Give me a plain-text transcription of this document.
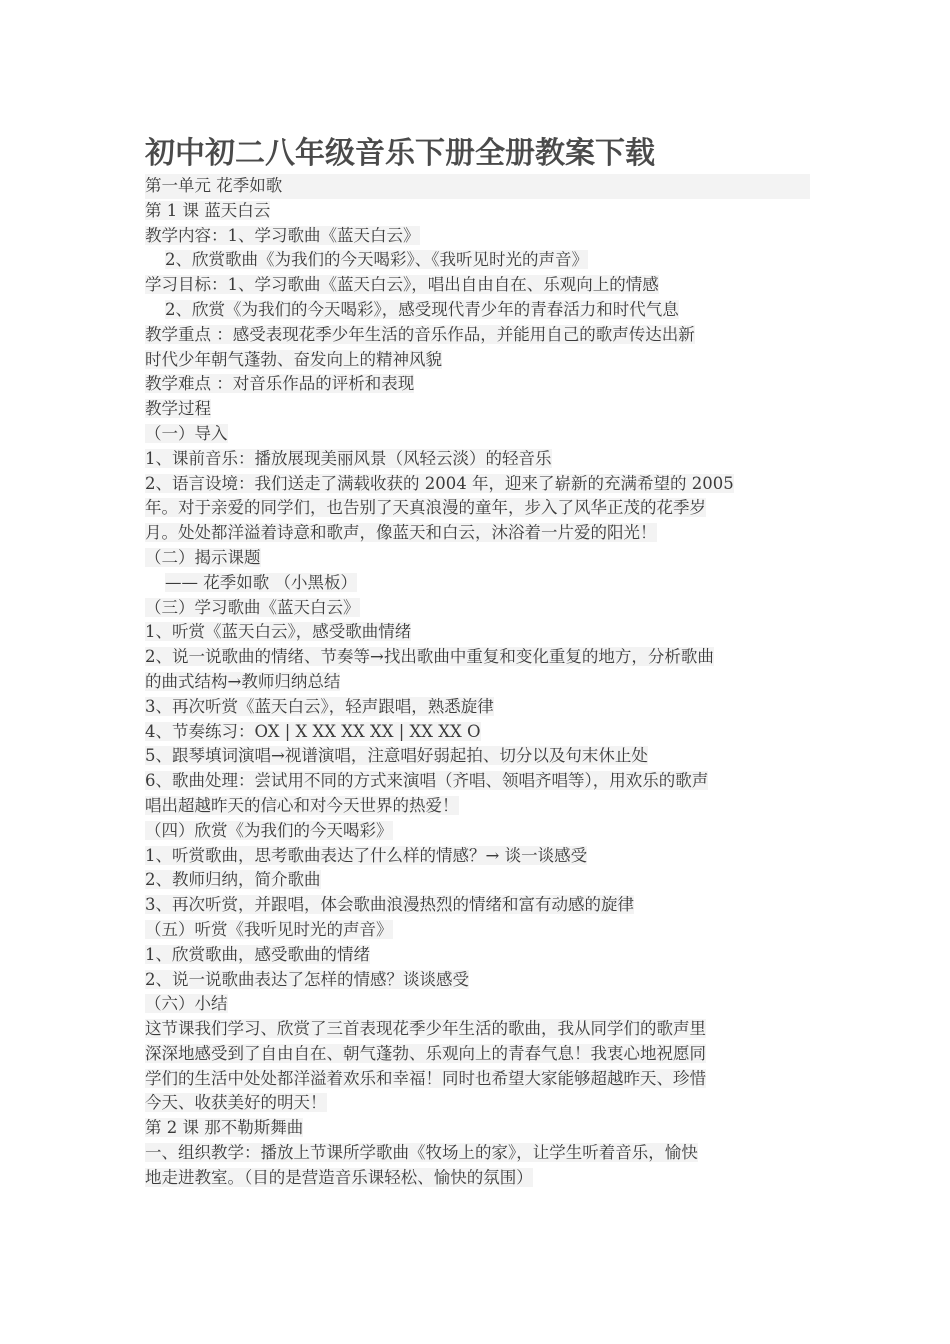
初中初二八年级音乐下册全册教案下载
第一单元 花季如歌
第 1 课 蓝天白云
教学内容：1、学习歌曲《蓝天白云》
2、欣赏歌曲《为我们的今天喝彩》、《我听见时光的声音》
学习目标：1、学习歌曲《蓝天白云》，唱出自由自在、乐观向上的情感
2、欣赏《为我们的今天喝彩》，感受现代青少年的青春活力和时代气息
教学重点 ：感受表现花季少年生活的音乐作品，并能用自己的歌声传达出新
时代少年朝气蓬勃、奋发向上的精神风貌
教学难点 ：对音乐作品的评析和表现
教学过程
（一）导入
1、课前音乐：播放展现美丽风景（风轻云淡）的轻音乐
2、语言设境：我们送走了满载收获的 2004 年，迎来了崭新的充满希望的 2005
年。对于亲爱的同学们，也告别了天真浪漫的童年，步入了风华正茂的花季岁
月。处处都洋溢着诗意和歌声，像蓝天和白云，沐浴着一片爱的阳光！
（二）揭示课题
—— 花季如歌 （小黑板）
（三）学习歌曲《蓝天白云》
1、听赏《蓝天白云》，感受歌曲情绪
2、说一说歌曲的情绪、节奏等→找出歌曲中重复和变化重复的地方，分析歌曲
的曲式结构→教师归纳总结
3、再次听赏《蓝天白云》，轻声跟唱，熟悉旋律
4、节奏练习：OX | X XX XX XX | XX XX O
5、跟琴填词演唱→视谱演唱，注意唱好弱起拍、切分以及句末休止处
6、歌曲处理：尝试用不同的方式来演唱（齐唱、领唱齐唱等），用欢乐的歌声
唱出超越昨天的信心和对今天世界的热爱！
（四）欣赏《为我们的今天喝彩》
1、听赏歌曲，思考歌曲表达了什么样的情感？→ 谈一谈感受
2、教师归纳，简介歌曲
3、再次听赏，并跟唱，体会歌曲浪漫热烈的情绪和富有动感的旋律
（五）听赏《我听见时光的声音》
1、欣赏歌曲，感受歌曲的情绪
2、说一说歌曲表达了怎样的情感？谈谈感受
（六）小结
这节课我们学习、欣赏了三首表现花季少年生活的歌曲，我从同学们的歌声里
深深地感受到了自由自在、朝气蓬勃、乐观向上的青春气息！我衷心地祝愿同
学们的生活中处处都洋溢着欢乐和幸福！同时也希望大家能够超越昨天、珍惜
今天、收获美好的明天！
第 2 课 那不勒斯舞曲
一、组织教学：播放上节课所学歌曲《牧场上的家》，让学生听着音乐，愉快
地走进教室。（目的是营造音乐课轻松、愉快的氛围）
